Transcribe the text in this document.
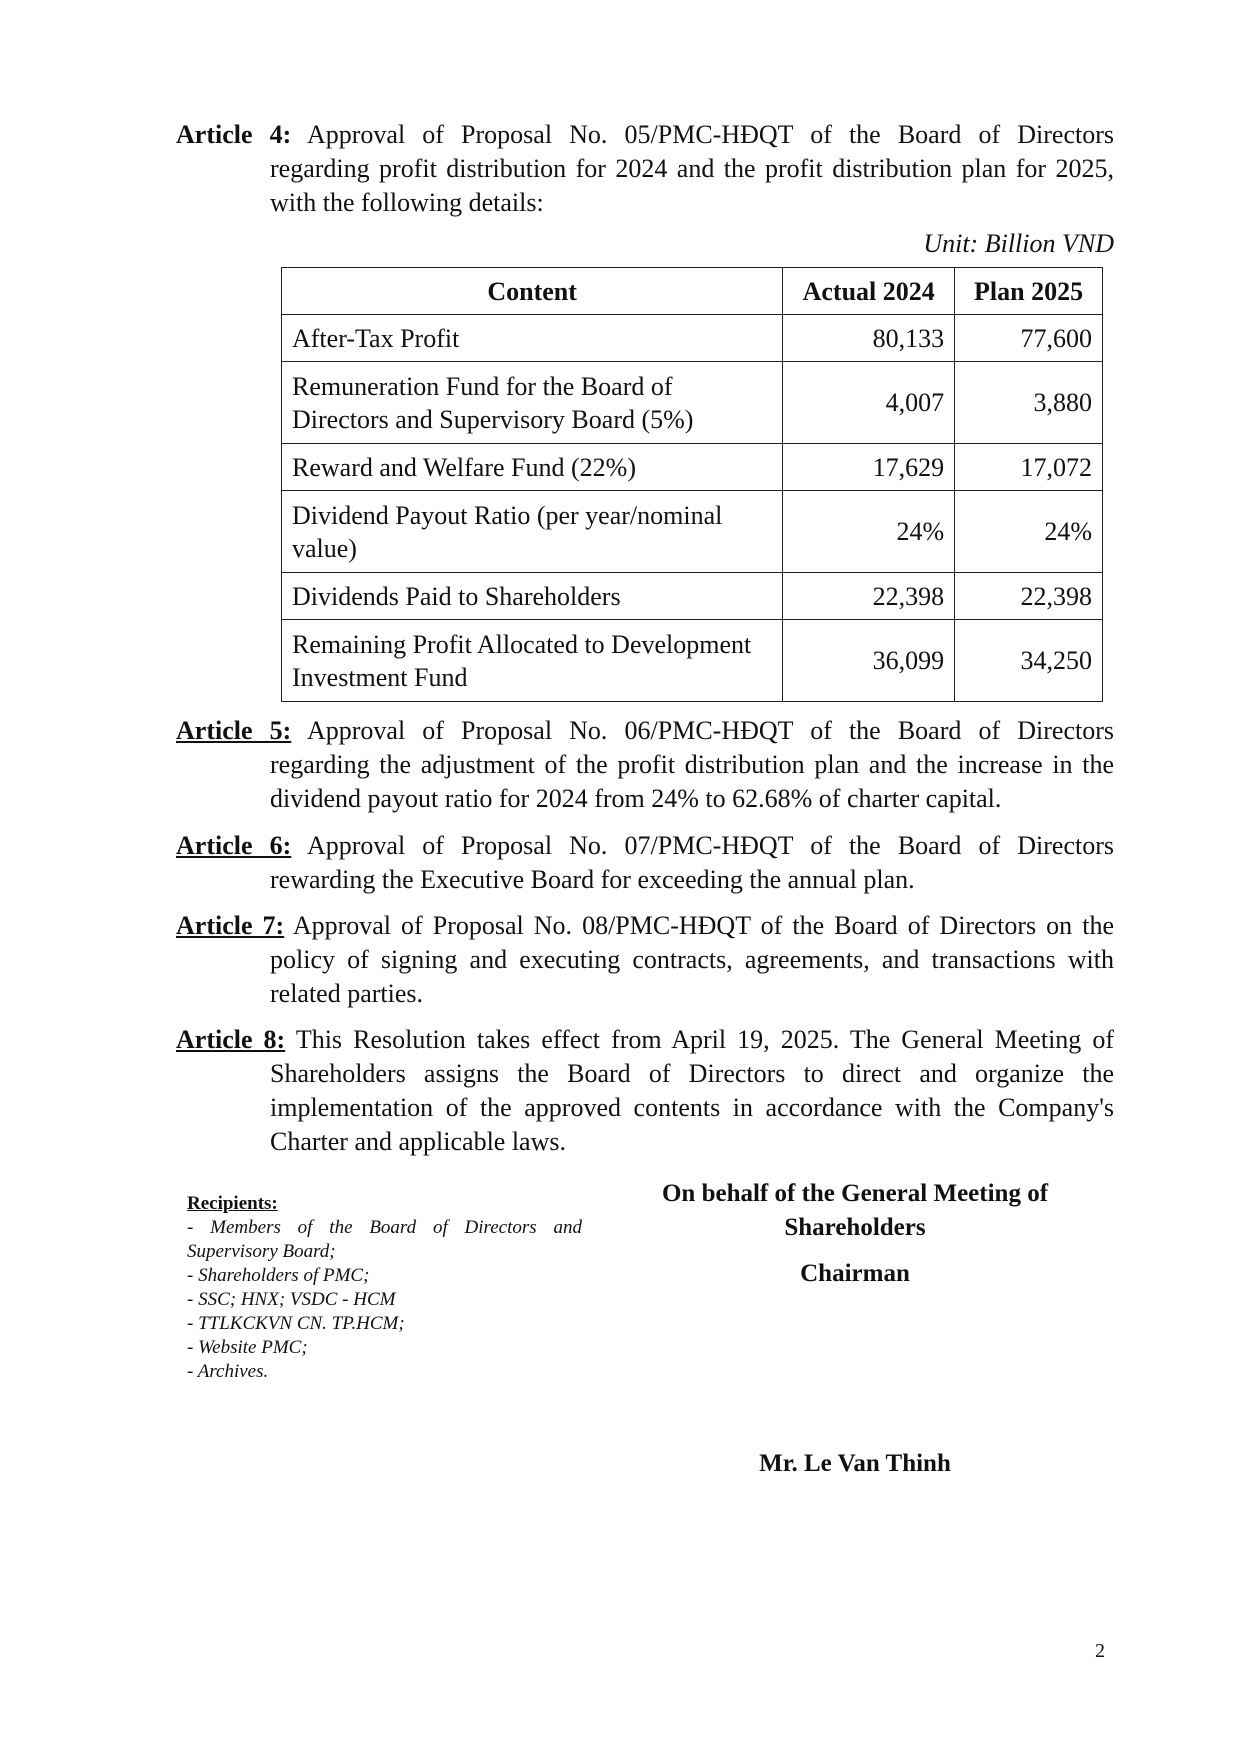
Article 4: Approval of Proposal No. 05/PMC-HĐQT of the Board of Directors
regarding profit distribution for 2024 and the profit distribution plan for 2025,
with the following details:
Unit: Billion VND
Content	Actual 2024	Plan 2025
After-Tax Profit	80,133	77,600
Remuneration Fund for the Board of Directors and Supervisory Board (5%)	4,007	3,880
Reward and Welfare Fund (22%)	17,629	17,072
Dividend Payout Ratio (per year/nominal value)	24%	24%
Dividends Paid to Shareholders	22,398	22,398
Remaining Profit Allocated to Development Investment Fund	36,099	34,250
Article 5: Approval of Proposal No. 06/PMC-HĐQT of the Board of Directors
regarding the adjustment of the profit distribution plan and the increase in the
dividend payout ratio for 2024 from 24% to 62.68% of charter capital.
Article 6: Approval of Proposal No. 07/PMC-HĐQT of the Board of Directors
rewarding the Executive Board for exceeding the annual plan.
Article 7: Approval of Proposal No. 08/PMC-HĐQT of the Board of Directors on the
policy of signing and executing contracts, agreements, and transactions with
related parties.
Article 8: This Resolution takes effect from April 19, 2025. The General Meeting of
Shareholders assigns the Board of Directors to direct and organize the
implementation of the approved contents in accordance with the Company's
Charter and applicable laws.
Recipients:
- Members of the Board of Directors and
Supervisory Board;
- Shareholders of PMC;
- SSC; HNX; VSDC - HCM
- TTLKCKVN CN. TP.HCM;
- Website PMC;
- Archives.
On behalf of the General Meeting of
Shareholders
Chairman
Mr. Le Van Thinh
2
